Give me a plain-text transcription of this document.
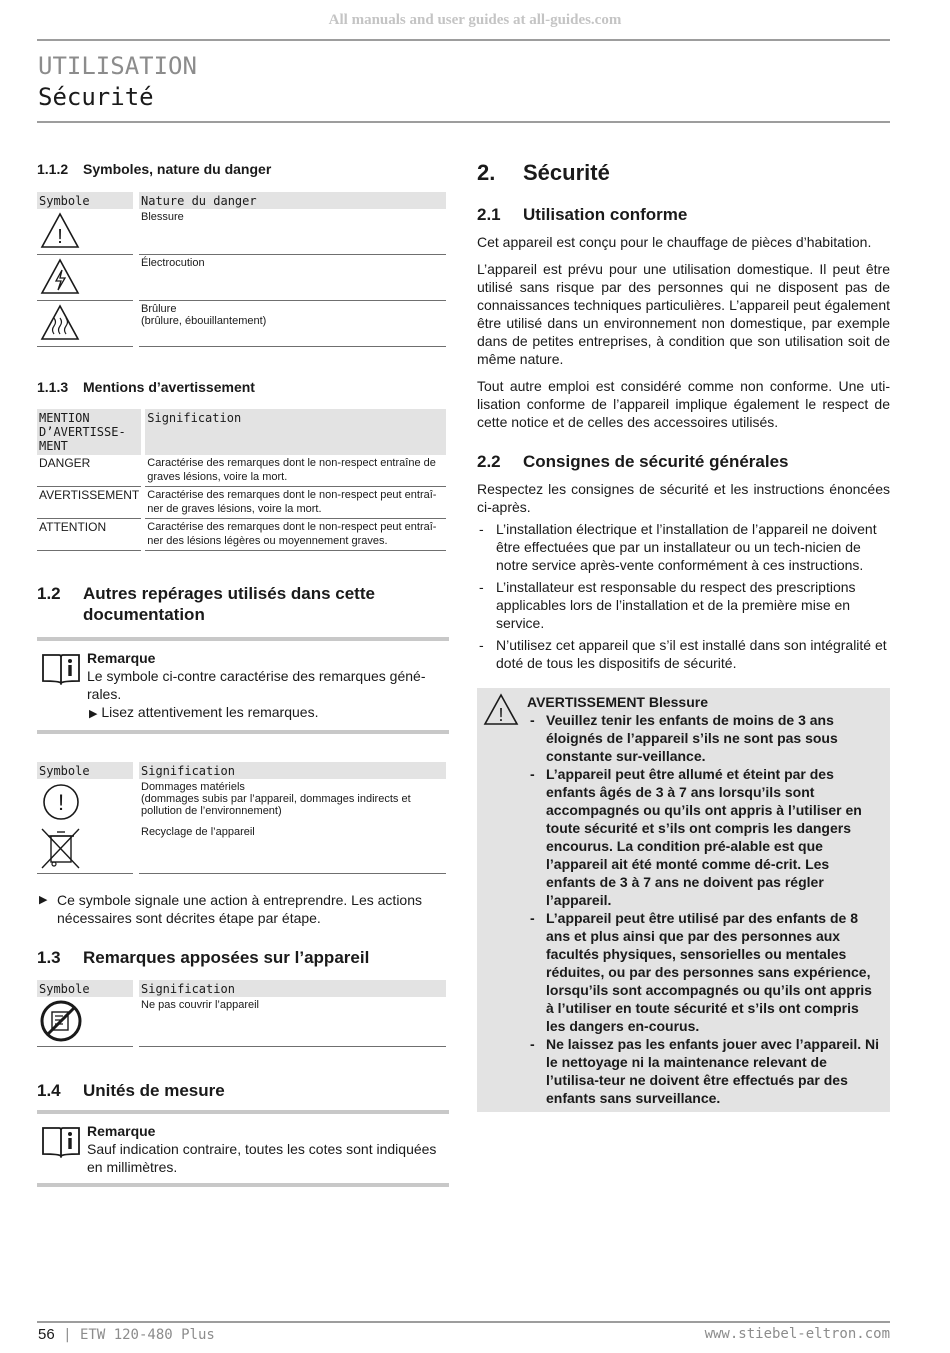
All manuals and user guides at all-guides.com
UTILISATION
Sécurité
1.1.2	Symboles, nature du danger
Symbole	Nature du danger

!	Blessure
	Électrocution
	Brûlure
(brûlure, ébouillantement)
1.1.3	Mentions d’avertissement
MENTION
D’AVERTISSE-
MENT	Signification
DANGER	Caractérise des remarques dont le non-respect entraîne de graves lésions, voire la mort.
AVERTISSEMENT	Caractérise des remarques dont le non-respect peut entraî-ner de graves lésions, voire la mort.
ATTENTION	Caractérise des remarques dont le non-respect peut entraî-ner des lésions légères ou moyennement graves.
1.2	Autres repérages utilisés dans cette documentation
Remarque
Le symbole ci-contre caractérise des remarques géné-rales.
▶ Lisez attentivement les remarques.
Symbole	Signification

!	Dommages matériels
(dommages subis par l’appareil, dommages indirects et pollution de l’environnement)
	Recyclage de l’appareil
▶ Ce symbole signale une action à entreprendre. Les actions nécessaires sont décrites étape par étape.
1.3	Remarques apposées sur l’appareil
Symbole	Signification
	Ne pas couvrir l’appareil
1.4	Unités de mesure
Remarque
Sauf indication contraire, toutes les cotes sont indiquées en millimètres.
2.	Sécurité
2.1	Utilisation conforme

Cet appareil est conçu pour le chauffage de pièces d’habitation.

L’appareil est prévu pour une utilisation domestique. Il peut être utilisé sans risque par des personnes qui ne disposent pas de connaissances techniques particulières. L’appareil peut également être utilisé dans un environnement non domestique, par exemple dans de petites entreprises, à condition que son utilisation soit de même nature.

Tout autre emploi est considéré comme non conforme. Une uti-lisation conforme de l’appareil implique également le respect de cette notice et de celles des accessoires utilisés.

2.2	Consignes de sécurité générales

Respectez les consignes de sécurité et les instructions énoncées ci-après.

- L’installation électrique et l’installation de l’appareil ne doivent être effectuées que par un installateur ou un tech-nicien de notre service après-vente conformément à ces instructions.
- L’installateur est responsable du respect des prescriptions applicables lors de l’installation et de la première mise en service.
- N’utilisez cet appareil que s’il est installé dans son intégralité et doté de tous les dispositifs de sécurité.
!
AVERTISSEMENT Blessure
- Veuillez tenir les enfants de moins de 3 ans éloignés de l’appareil s’ils ne sont pas sous constante sur-veillance.
- L’appareil peut être allumé et éteint par des enfants âgés de 3 à 7 ans lorsqu’ils sont accompagnés ou qu’ils ont appris à l’utiliser en toute sécurité et s’ils ont compris les dangers encourus. La condition pré-alable est que l’appareil ait été monté comme dé-crit. Les enfants de 3 à 7 ans ne doivent pas régler l’appareil.
- L’appareil peut être utilisé par des enfants de 8 ans et plus ainsi que par des personnes aux facultés physiques, sensorielles ou mentales réduites, ou par des personnes sans expérience, lorsqu’ils sont accompagnés ou qu’ils ont appris à l’utiliser en toute sécurité et s’ils ont compris les dangers en-courus.
- Ne laissez pas les enfants jouer avec l’appareil. Ni le nettoyage ni la maintenance relevant de l’utilisa-teur ne doivent être effectués par des enfants sans surveillance.
56 | ETW 120-480 Plus	www.stiebel-eltron.com
